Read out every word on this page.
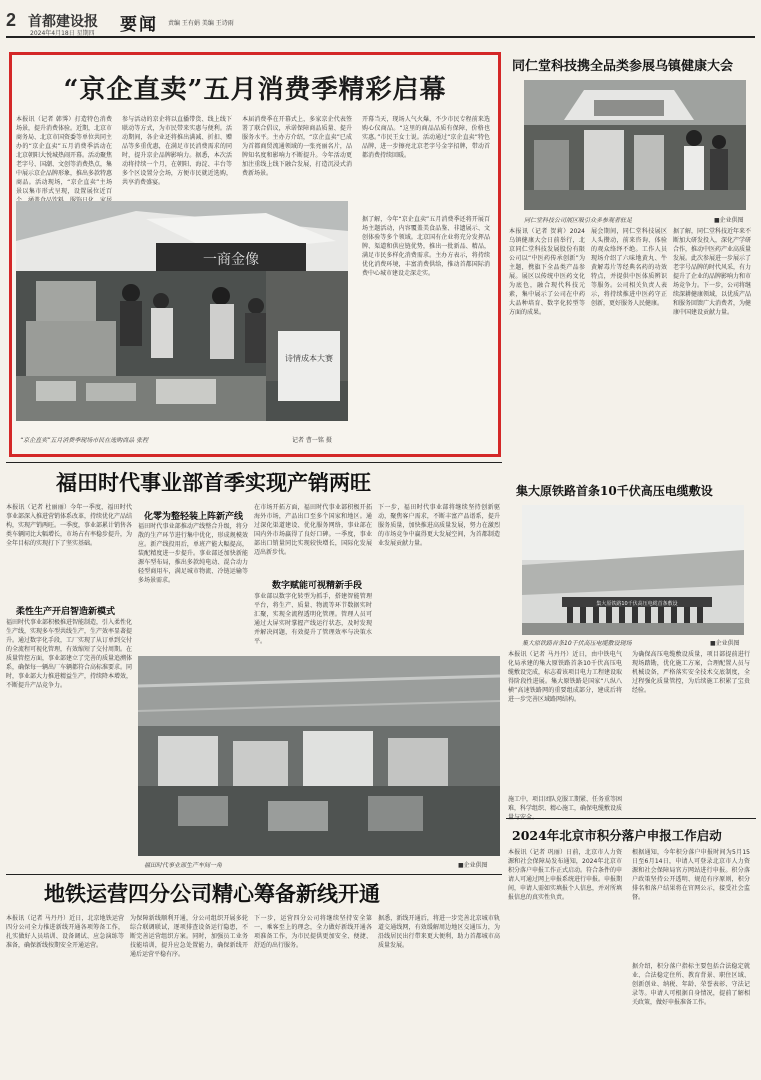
2 首都建设报
2024年4月18日 星期四 要闻 责编 王有娟 美编 王诗雨
“京企直卖”五月消费季精彩启幕
本报讯（记者 韩霁）打造特色消费场景，提升消费体验。近期，北京市商务局、北京市国资委等单位共同主办的“京企直卖”五月消费季活动在北京朝阳大悦城热闹开幕。活动聚焦老字号、国潮、文创等消费热点，集中展示京企品牌形象，推出多款特惠商品。活动现场，“京企直卖”主场景以集市形式呈现，设置展位近百
参与活动的京企将以直播带货、线上线下联动等方式，为市民带来实惠与便利。活动期间，各企业还将推出满减、折扣、赠品等多重优惠，在满足市民消费需求的同时，提升京企品牌影响力。据悉，本次活动将持续一个月，在朝阳、海淀、丰台等多个区设置分会场，方便市民就近选购，共享消费盛宴。
本届消费季在开幕式上，多家京企代表签署了联合倡议，承诺保障商品质量、提升服务水平。主办方介绍，“京企直卖”已成为首都商贸流通领域的一张亮丽名片，品牌知名度和影响力不断提升。今年活动更加注重线上线下融合发展，打造沉浸式消费新场景。
开幕当天，现场人气火爆，不少市民专程前来选购心仪商品。“这里的商品品质有保障，价格也实惠。”市民王女士说。活动通过“京企直卖”特色品牌，进一步擦亮北京老字号金字招牌，带动首都消费持续回暖。
据了解，今年“京企直卖”五月消费季还将开展百场主题活动，内容覆盖美食品鉴、非遗展示、文创体验等多个领域。北京国有企业将充分发挥品牌、渠道和供应链优势，推出一批新品、精品，满足市民多样化消费需求。主办方表示，将持续优化消费环境，丰富消费供给，推动首都国际消费中心城市建设走深走实。
一商金像
诗情成本大赛
“京企直卖”五月消费季现场市民在选购商品 张程	记者 曹一铭 摄
同仁堂科技携全品类参展乌镇健康大会
同仁堂科技公司展区吸引众多参观者驻足	■企业供图
本报讯（记者 贺莉）2024乌镇健康大会日前举行，北京同仁堂科技发展股份有限公司以“中医药传承创新”为主题，携旗下全品类产品参展。展区以传统中医药文化为底色，融合现代科技元素，集中展示了公司在中药大品种培育、数字化转型等方面的成果。
展会期间，同仁堂科技展区人头攒动，前来咨询、体验的观众络绎不绝。工作人员现场介绍了六味地黄丸、牛黄解毒片等经典名药的功效特点，并提供中医体质辨识等服务。公司相关负责人表示，将持续推进中医药守正创新，更好服务人民健康。
据了解，同仁堂科技近年来不断加大研发投入，深化产学研合作，推动中医药产业高质量发展。此次参展进一步展示了老字号品牌的时代风采，有力提升了企业的品牌影响力和市场竞争力。下一步，公司将继续深耕健康领域，以优质产品和服务回馈广大消费者，为健康中国建设贡献力量。
福田时代事业部首季实现产销两旺
本报讯（记者 杜丽丽）今年一季度，福田时代事业部深入推进营销体系改革，持续优化产品结构，实现产销两旺。一季度，事业部累计销售各类车辆同比大幅增长，市场占有率稳步提升，为全年目标的实现打下了坚实基础。
柔性生产开启智造新模式
福田时代事业部积极推进智能制造，引入柔性化生产线，实现多车型共线生产，生产效率显著提升。通过数字化手段，工厂实现了从订单到交付的全流程可视化管理，有效缩短了交付周期。在质量管控方面，事业部建立了完善的质量追溯体系，确保每一辆出厂车辆都符合高标准要求。同时，事业部大力推进精益生产，持续降本增效，不断提升产品竞争力。
化零为整轻装上阵新产线
福田时代事业部推动产线整合升级，将分散的生产环节进行集中优化，形成规模效应。新产线投用后，单班产能大幅提高，装配精度进一步提升。事业部还加快新能源车型布局，推出多款纯电动、混合动力轻型商用车，满足城市物流、冷链运输等多场景需求。
在市场开拓方面，福田时代事业部积极开拓海外市场，产品出口至多个国家和地区。通过深化渠道建设、优化服务网络，事业部在国内外市场赢得了良好口碑。一季度，事业部出口销量同比实现较快增长，国际化发展迈出新步伐。
数字赋能可视精新手段
事业部以数字化转型为抓手，搭建智能管理平台，将生产、质量、物流等环节数据实时汇聚，实现全流程透明化管理。管理人员可通过大屏实时掌握产线运行状态，及时发现并解决问题，有效提升了管理效率与决策水平。
下一步，福田时代事业部将继续坚持创新驱动，聚焦客户需求，不断丰富产品谱系，提升服务质量，加快推进高质量发展，努力在激烈的市场竞争中赢得更大发展空间，为首都制造业发展贡献力量。
福田时代事业部生产车间一角	■企业供图
集大原铁路首条10千伏高压电缆敷设
集大原铁路10千伏高压电缆首条敷设
集大原铁路首条10千伏高压电缆敷设现场	■企业供图
本报讯（记者 马丹丹）近日，由中铁电气化局承建的集大原铁路首条10千伏高压电缆敷设完成，标志着该项目电力工程建设取得阶段性进展。集大原铁路是国家“八纵八横”高速铁路网的重要组成部分，建成后将进一步完善区域路网结构。
施工中，项目团队克服工期紧、任务重等困难，科学组织、精心施工，确保电缆敷设质
为确保高压电缆敷设质量，项目部提前进行现场踏勘，优化施工方案，合理配置人员与机械设备，严格落实安全技术交底制度，全过程强化质量管控，为后续施工积累了宝贵经验。
2024年北京市积分落户申报工作启动
本报讯（记者 巩丽）日前，北京市人力资源和社会保障局发布通知，2024年北京市积分落户申报工作正式启动。符合条件的申请人可通过网上申报系统进行申报。申报期间，申请人需如实填报个人信息，并对所填报信息的真实性负责。
根据通知，今年积分落户申报时间为5月15日至6月14日，申请人可登录北京市人力资源和社会保障局官方网站进行申报。积分落户政策坚持公开透明、规范有序原则，积分排名和落户结果将在官网公示，接受社会监督。
据介绍，积分落户指标主要包括合法稳定就业、合法稳定住所、教育背景、职住区域、创新创业、纳税、年龄、荣誉表彰、守法记录等。申请人可根据自身情况，提前了解相关政策，做好申报准备工作。
地铁运营四分公司精心筹备新线开通
本报讯（记者 马丹丹）近日，北京地铁运营四分公司全力推进新线开通各项筹备工作，扎实做好人员培训、设备调试、应急演练等准备，确保新线按期安全开通运营。
为保障新线顺利开通，分公司组织开展多轮综合联调联试，逐项排查设备运行隐患，不断完善运营组织方案。同时，加强员工业务技能培训，提升应急处置能力，确保新线开通后运营平稳有序。
下一步，运营四分公司将继续坚持安全第一、乘客至上的理念，全力做好新线开通各项准备工作，为市民提供更加安全、便捷、舒适的出行服务。
据悉，新线开通后，将进一步完善北京城市轨道交通线网，有效缓解周边地区交通压力，为沿线居民出行带来更大便利，助力首都城市高质量发展。
